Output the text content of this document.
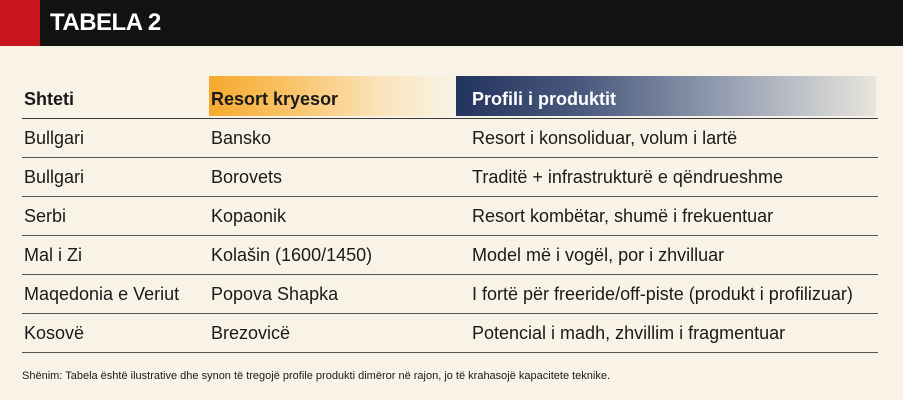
TABELA 2
Shteti	Resort kryesor	Profili i produktit
Bullgari	Bansko	Resort i konsoliduar, volum i lartë
Bullgari	Borovets	Traditë + infrastrukturë e qëndrueshme
Serbi	Kopaonik	Resort kombëtar, shumë i frekuentuar
Mal i Zi	Kolašin (1600/1450)	Model më i vogël, por i zhvilluar
Maqedonia e Veriut	Popova Shapka	I fortë për freeride/off-piste (produkt i profilizuar)
Kosovë	Brezovicë	Potencial i madh, zhvillim i fragmentuar
Shënim: Tabela është ilustrative dhe synon të tregojë profile produkti dimëror në rajon, jo të krahasojë kapacitete teknike.
